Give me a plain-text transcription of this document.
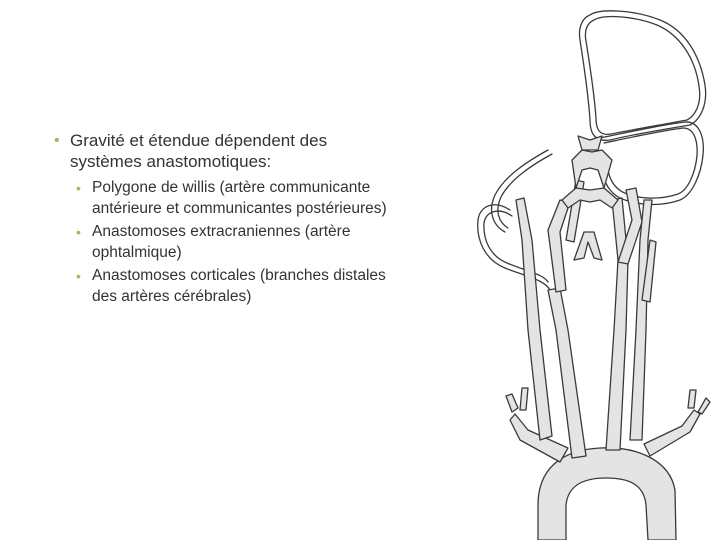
• Gravité et étendue dépendent des systèmes anastomotiques:
• Polygone de willis (artère communicante antérieure et communicantes postérieures)
• Anastomoses extracraniennes (artère ophtalmique)
• Anastomoses corticales (branches distales des artères cérébrales)
